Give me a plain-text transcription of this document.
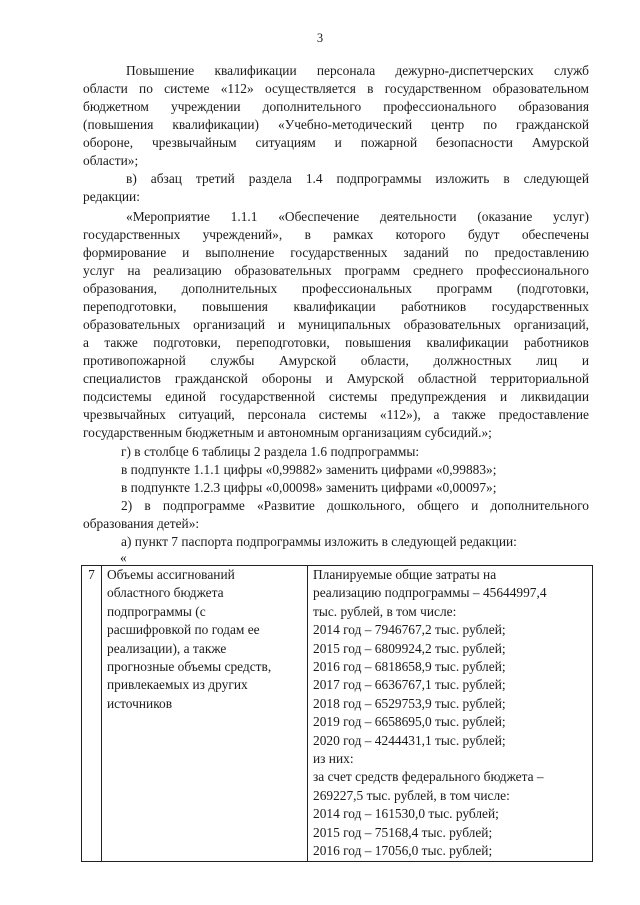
3
Повышение квалификации персонала дежурно-диспетчерских служб
области по системе «112» осуществляется в государственном образовательном
бюджетном учреждении дополнительного профессионального образования
(повышения квалификации) «Учебно-методический центр по гражданской
обороне, чрезвычайным ситуациям и пожарной безопасности Амурской
области»;
в) абзац третий раздела 1.4 подпрограммы изложить в следующей
редакции:
«Мероприятие 1.1.1 «Обеспечение деятельности (оказание услуг)
государственных учреждений», в рамках которого будут обеспечены
формирование и выполнение государственных заданий по предоставлению
услуг на реализацию образовательных программ среднего профессионального
образования, дополнительных профессиональных программ (подготовки,
переподготовки, повышения квалификации работников государственных
образовательных организаций и муниципальных образовательных организаций,
а также подготовки, переподготовки, повышения квалификации работников
противопожарной службы Амурской области, должностных лиц и
специалистов гражданской обороны и Амурской областной территориальной
подсистемы единой государственной системы предупреждения и ликвидации
чрезвычайных ситуаций, персонала системы «112»), а также предоставление
государственным бюджетным и автономным организациям субсидий.»;
г) в столбце 6 таблицы 2 раздела 1.6 подпрограммы:
в подпункте 1.1.1 цифры «0,99882» заменить цифрами «0,99883»;
в подпункте 1.2.3 цифры «0,00098» заменить цифрами «0,00097»;
2) в подпрограмме «Развитие дошкольного, общего и дополнительного
образования детей»:
а) пункт 7 паспорта подпрограммы изложить в следующей редакции:
«
7	Объемы ассигнований
областного бюджета
подпрограммы (с
расшифровкой по годам ее
реализации), а также
прогнозные объемы средств,
привлекаемых из других
источников

Планируемые общие затраты на
реализацию подпрограммы – 45644997,4
тыс. рублей, в том числе:
2014 год – 7946767,2 тыс. рублей;
2015 год – 6809924,2 тыс. рублей;
2016 год – 6818658,9 тыс. рублей;
2017 год – 6636767,1 тыс. рублей;
2018 год – 6529753,9 тыс. рублей;
2019 год – 6658695,0 тыс. рублей;
2020 год – 4244431,1 тыс. рублей;
из них:
за счет средств федерального бюджета –
269227,5 тыс. рублей, в том числе:
2014 год – 161530,0 тыс. рублей;
2015 год – 75168,4 тыс. рублей;
2016 год – 17056,0 тыс. рублей;
